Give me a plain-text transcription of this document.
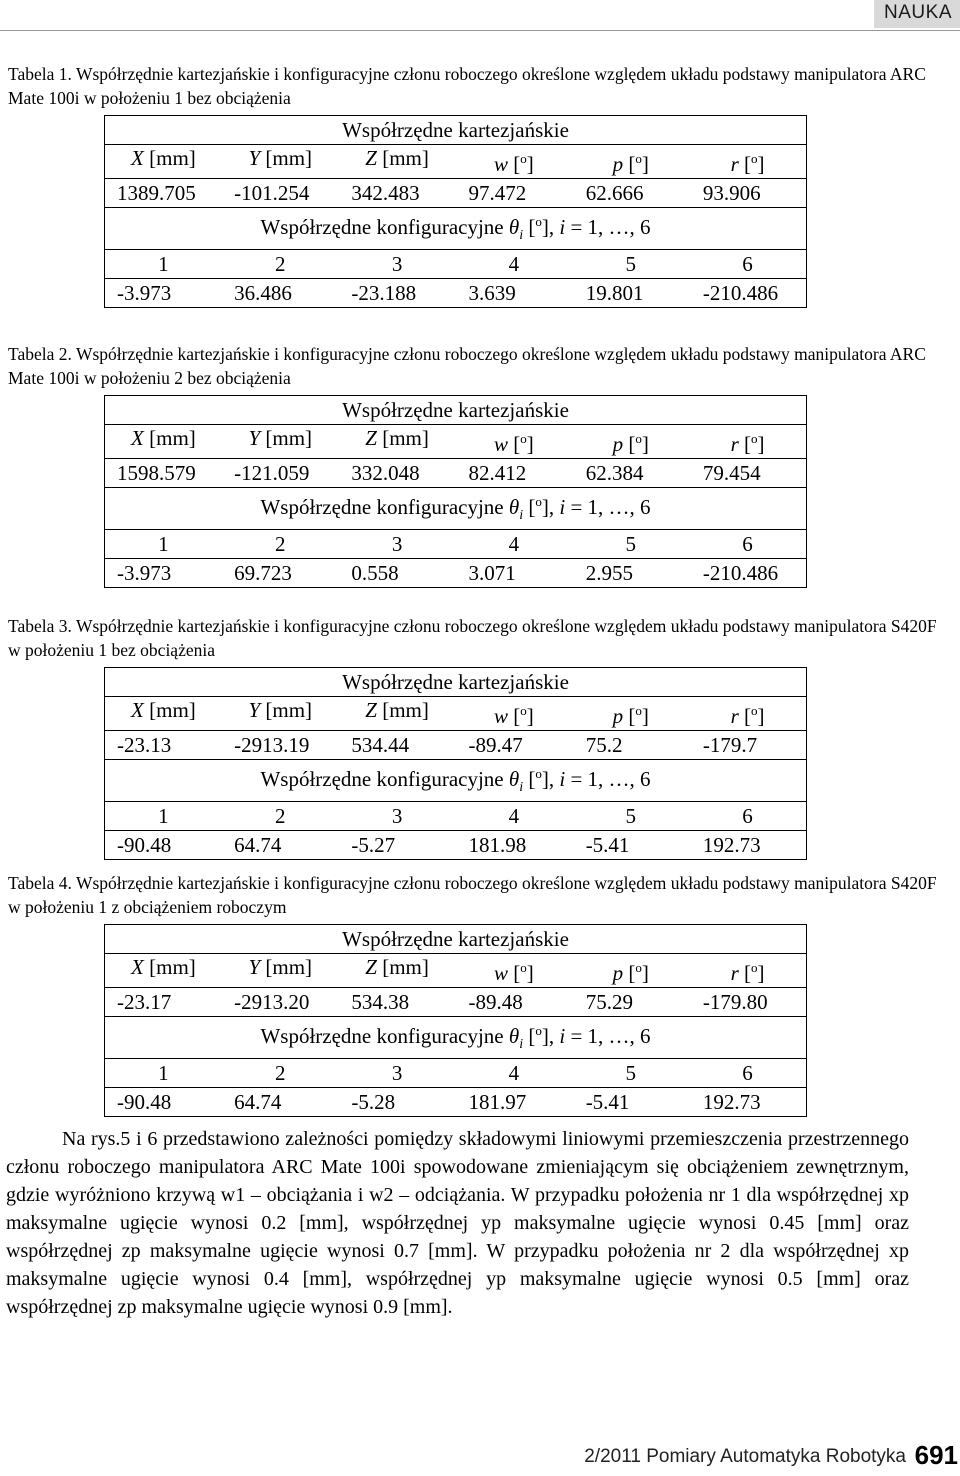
NAUKA
Tabela 1. Współrzędnie kartezjańskie i konfiguracyjne członu roboczego określone względem układu podstawy manipulatora ARC Mate 100i w położeniu 1 bez obciążenia
Współrzędne kartezjańskie

X [mm]	Y [mm]	Z [mm]	w [$^o$]	p [$^o$]	r [$^o$]

1389.705	-101.254	342.483	97.472	62.666	93.906

Współrzędne konfiguracyjne $\theta_i$ [$^o$], i = 1, …, 6

1	2	3	4	5	6

-3.973	36.486	-23.188	3.639	19.801	-210.486
Tabela 2. Współrzędnie kartezjańskie i konfiguracyjne członu roboczego określone względem układu podstawy manipulatora ARC Mate 100i w położeniu 2 bez obciążenia
Współrzędne kartezjańskie

X [mm]	Y [mm]	Z [mm]	w [$^o$]	p [$^o$]	r [$^o$]

1598.579	-121.059	332.048	82.412	62.384	79.454

Współrzędne konfiguracyjne $\theta_i$ [$^o$], i = 1, …, 6

1	2	3	4	5	6

-3.973	69.723	0.558	3.071	2.955	-210.486
Tabela 3. Współrzędnie kartezjańskie i konfiguracyjne członu roboczego określone względem układu podstawy manipulatora S420F w położeniu 1 bez obciążenia
Współrzędne kartezjańskie

X [mm]	Y [mm]	Z [mm]	w [$^o$]	p [$^o$]	r [$^o$]

-23.13	-2913.19	534.44	-89.47	75.2	-179.7

Współrzędne konfiguracyjne $\theta_i$ [$^o$], i = 1, …, 6

1	2	3	4	5	6

-90.48	64.74	-5.27	181.98	-5.41	192.73
Tabela 4. Współrzędnie kartezjańskie i konfiguracyjne członu roboczego określone względem układu podstawy manipulatora S420F w położeniu 1 z obciążeniem roboczym
Współrzędne kartezjańskie

X [mm]	Y [mm]	Z [mm]	w [$^o$]	p [$^o$]	r [$^o$]

-23.17	-2913.20	534.38	-89.48	75.29	-179.80

Współrzędne konfiguracyjne $\theta_i$ [$^o$], i = 1, …, 6

1	2	3	4	5	6

-90.48	64.74	-5.28	181.97	-5.41	192.73

Na rys.5 i 6 przedstawiono zależności pomiędzy składowymi liniowymi przemieszczenia przestrzennego członu roboczego manipulatora ARC Mate 100i spowodowane zmieniającym się obciążeniem zewnętrznym, gdzie wyróżniono krzywą w1 – obciążania i w2 – odciążania. W przypadku położenia nr 1 dla współrzędnej xp maksymalne ugięcie wynosi 0.2 [mm], współrzędnej yp maksymalne ugięcie wynosi 0.45 [mm] oraz współrzędnej zp maksymalne ugięcie wynosi 0.7 [mm]. W przypadku położenia nr 2 dla współrzędnej xp maksymalne ugięcie wynosi 0.4 [mm], współrzędnej yp maksymalne ugięcie wynosi 0.5 [mm] oraz współrzędnej zp maksymalne ugięcie wynosi 0.9 [mm].

2/2011 Pomiary Automatyka Robotyka 691
